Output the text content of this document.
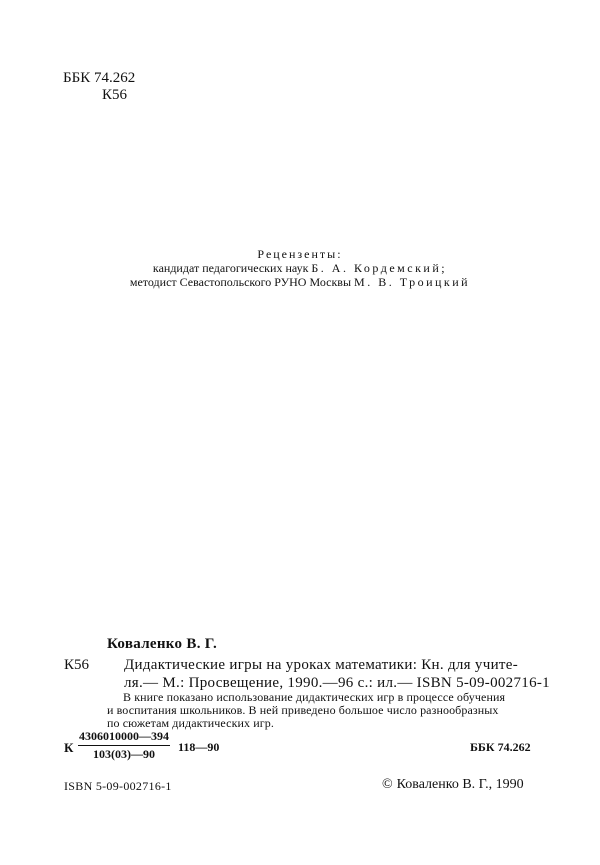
ББК 74.262
К56
Рецензенты:
кандидат педагогических наук Б. А. Кордемский;
методист Севастопольского РУНО Москвы М. В. Троицкий
Коваленко В. Г.
К56 Дидактические игры на уроках математики: Кн. для учите-
ля.— М.: Просвещение, 1990.—96 с.: ил.— ISBN 5-09-002716-1
В книге показано использование дидактических игр в процессе обучения
и воспитания школьников. В ней приведено большое число разнообразных
по сюжетам дидактических игр.
К $\frac{4306010000—394}{103(03)—90}$ 118—90	ББК 74.262
ISBN 5-09-002716-1	© Коваленко В. Г., 1990
